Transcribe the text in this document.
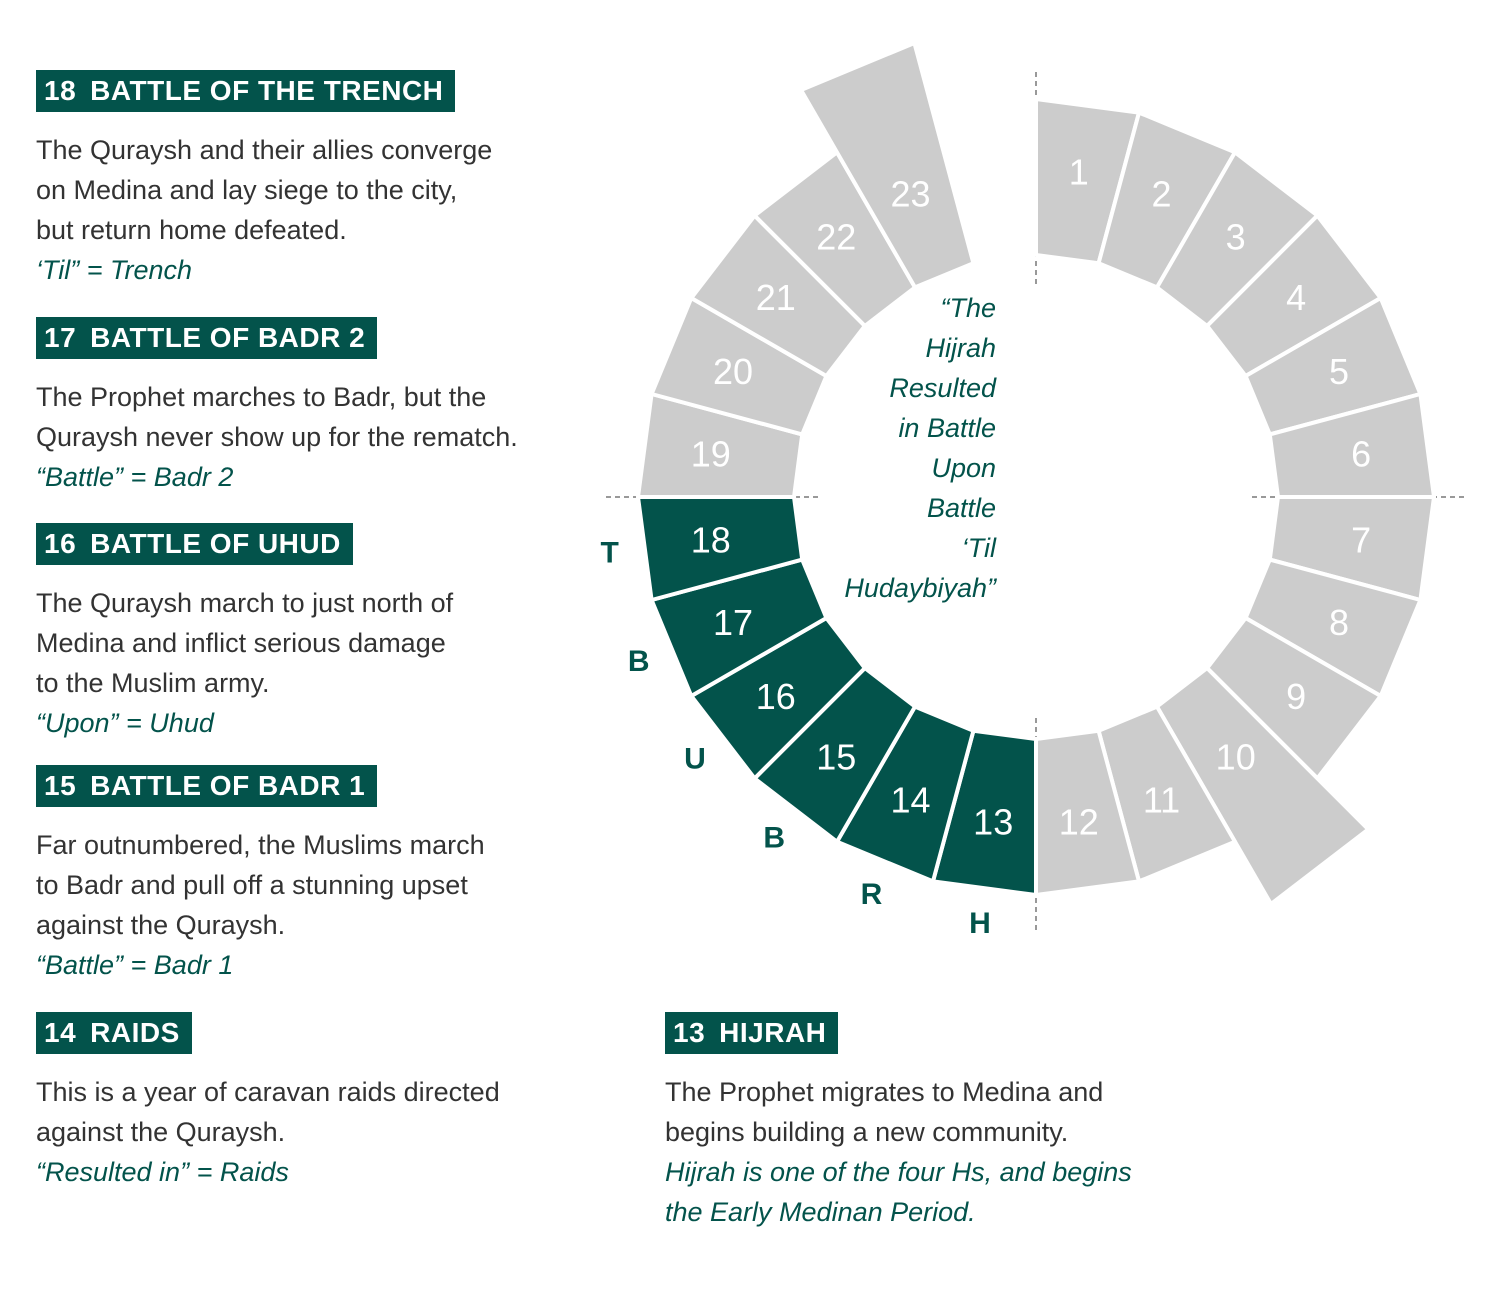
1
2
3
4
5
6
7
8
9
10
11
12
13
14
15
16
17
18
19
20
21
22
23
T
B
U
B
R
H
“The
Hijrah
Resulted
in Battle
Upon
Battle
‘Til
Hudaybiyah”
18 BATTLE OF THE TRENCH
The Quraysh and their allies converge
on Medina and lay siege to the city,
but return home defeated.
‘Til” = Trench
17 BATTLE OF BADR 2
The Prophet marches to Badr, but the
Quraysh never show up for the rematch.
“Battle” = Badr 2
16 BATTLE OF UHUD
The Quraysh march to just north of
Medina and inflict serious damage
to the Muslim army.
“Upon” = Uhud
15 BATTLE OF BADR 1
Far outnumbered, the Muslims march
to Badr and pull off a stunning upset
against the Quraysh.
“Battle” = Badr 1
14 RAIDS
This is a year of caravan raids directed
against the Quraysh.
“Resulted in” = Raids
13 HIJRAH
The Prophet migrates to Medina and
begins building a new community.
Hijrah is one of the four Hs, and begins
the Early Medinan Period.
